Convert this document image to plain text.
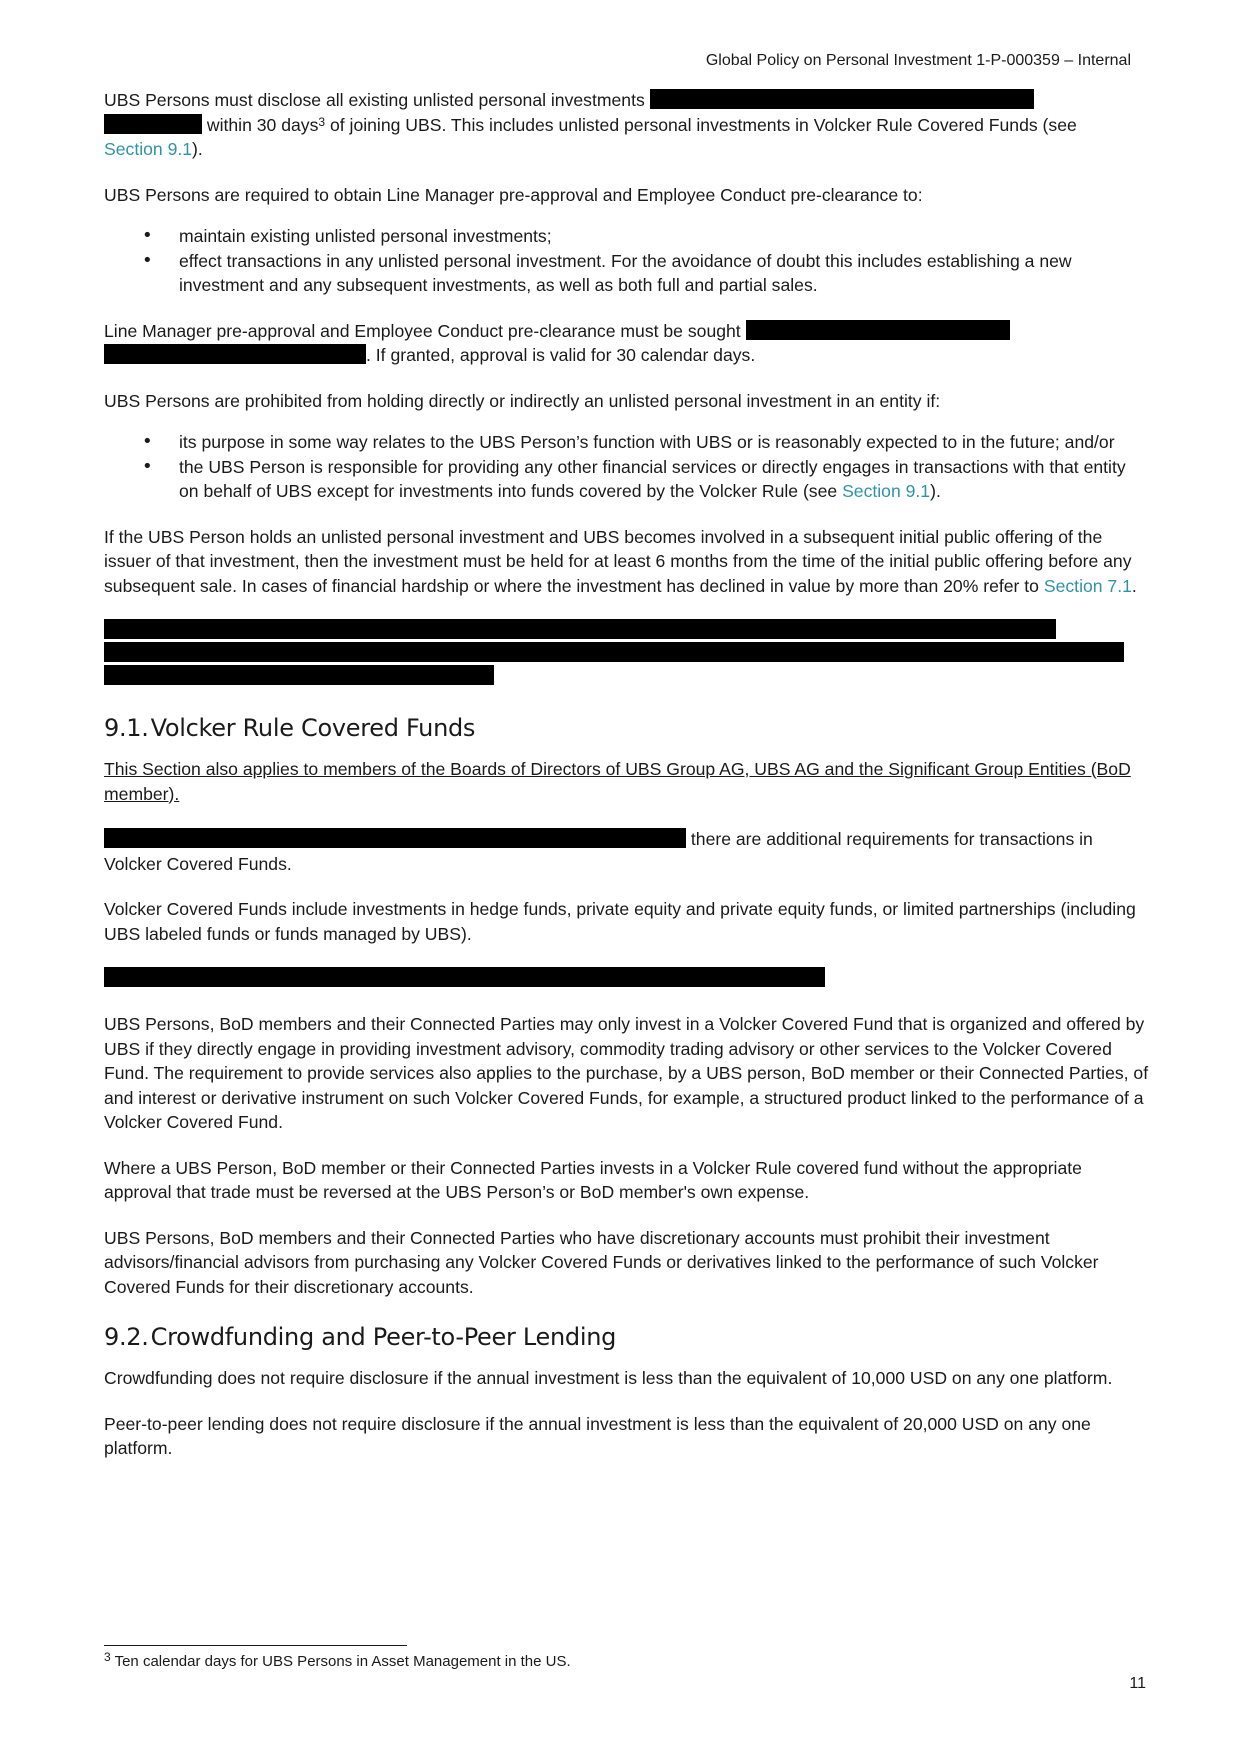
Global Policy on Personal Investment 1-P-000359 – Internal

UBS Persons must disclose all existing unlisted personal investments
within 30 days$^3$ of joining UBS. This includes unlisted personal investments in Volcker Rule Covered Funds (see
Section 9.1).

UBS Persons are required to obtain Line Manager pre-approval and Employee Conduct pre-clearance to:

• maintain existing unlisted personal investments;
• effect transactions in any unlisted personal investment. For the avoidance of doubt this includes establishing a new investment and any subsequent investments, as well as both full and partial sales.

Line Manager pre-approval and Employee Conduct pre-clearance must be sought
. If granted, approval is valid for 30 calendar days.

UBS Persons are prohibited from holding directly or indirectly an unlisted personal investment in an entity if:

• its purpose in some way relates to the UBS Person’s function with UBS or is reasonably expected to in the future; and/or
• the UBS Person is responsible for providing any other financial services or directly engages in transactions with that entity on behalf of UBS except for investments into funds covered by the Volcker Rule (see Section 9.1).

If the UBS Person holds an unlisted personal investment and UBS becomes involved in a subsequent initial public offering of the issuer of that investment, then the investment must be held for at least 6 months from the time of the initial public offering before any subsequent sale. In cases of financial hardship or where the investment has declined in value by more than 20% refer to Section 7.1.

9.1.Volcker Rule Covered Funds

This Section also applies to members of the Boards of Directors of UBS Group AG, UBS AG and the Significant Group Entities (BoD member).

there are additional requirements for transactions in
Volcker Covered Funds.

Volcker Covered Funds include investments in hedge funds, private equity and private equity funds, or limited partnerships (including UBS labeled funds or funds managed by UBS).

UBS Persons, BoD members and their Connected Parties may only invest in a Volcker Covered Fund that is organized and offered by UBS if they directly engage in providing investment advisory, commodity trading advisory or other services to the Volcker Covered Fund. The requirement to provide services also applies to the purchase, by a UBS person, BoD member or their Connected Parties, of and interest or derivative instrument on such Volcker Covered Funds, for example, a structured product linked to the performance of a Volcker Covered Fund.

Where a UBS Person, BoD member or their Connected Parties invests in a Volcker Rule covered fund without the appropriate approval that trade must be reversed at the UBS Person’s or BoD member's own expense.

UBS Persons, BoD members and their Connected Parties who have discretionary accounts must prohibit their investment advisors/financial advisors from purchasing any Volcker Covered Funds or derivatives linked to the performance of such Volcker Covered Funds for their discretionary accounts.

9.2.Crowdfunding and Peer-to-Peer Lending

Crowdfunding does not require disclosure if the annual investment is less than the equivalent of 10,000 USD on any one platform.

Peer-to-peer lending does not require disclosure if the annual investment is less than the equivalent of 20,000 USD on any one platform.

$^3$ Ten calendar days for UBS Persons in Asset Management in the US.
11
